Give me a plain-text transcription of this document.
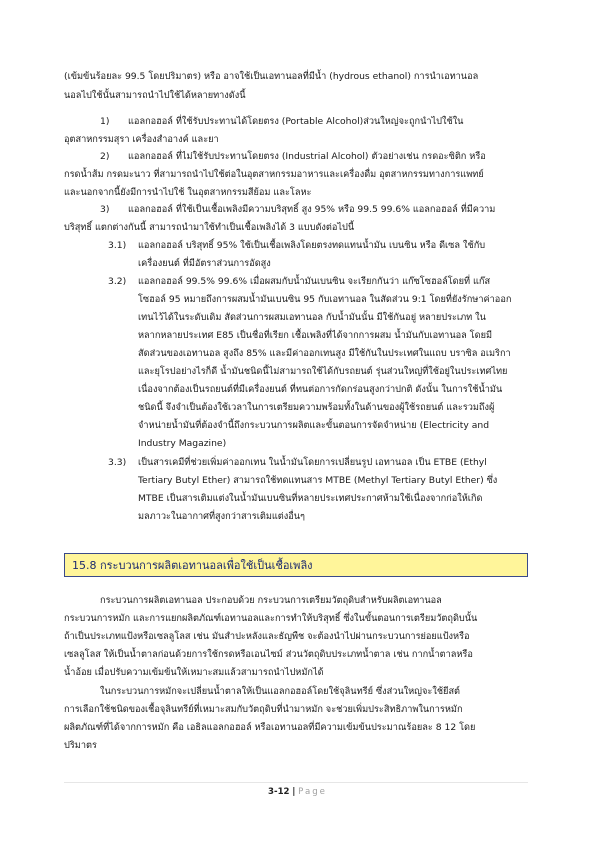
(เข้มข้นร้อยละ 99.5 โดยปริมาตร) หรือ อาจใช้เป็นเอทานอลที่มีน้ำ (hydrous ethanol) การนำเอทานอล
นอลไปใช้นั้นสามารถนำไปใช้ได้หลายทางดังนี้
1) แอลกอฮอล์ ที่ใช้รับประทานได้โดยตรง (Portable Alcohol)ส่วนใหญ่จะถูกนำไปใช้ใน
อุตสาหกรรมสุรา เครื่องสำอางค์ และยา
2) แอลกอฮอล์ ที่ไม่ใช้รับประทานโดยตรง (Industrial Alcohol) ตัวอย่างเช่น กรดอะซิติก หรือ
กรดน้ำส้ม กรดมะนาว ที่สามารถนำไปใช้ต่อในอุตสาหกรรมอาหารและเครื่องดื่ม อุตสาหกรรมทางการแพทย์
และนอกจากนี้ยังมีการนำไปใช้ ในอุตสาหกรรมสีย้อม และโลหะ
3) แอลกอฮอล์ ที่ใช้เป็นเชื้อเพลิงมีความบริสุทธิ์ สูง 95% หรือ 99.5 99.6% แอลกอฮอล์ ที่มีความ
บริสุทธิ์ แตกต่างกันนี้ สามารถนำมาใช้ทำเป็นเชื้อเพลิงได้ 3 แบบดังต่อไปนี้
3.1) แอลกอฮอล์ บริสุทธิ์ 95% ใช้เป็นเชื้อเพลิงโดยตรงทดแทนน้ำมัน เบนซิน หรือ ดีเซล ใช้กับ
เครื่องยนต์ ที่มีอัตราส่วนการอัดสูง
3.2) แอลกอฮอล์ 99.5% 99.6% เมื่อผสมกับน้ำมันเบนซิน จะเรียกกันว่า แก๊ซโซฮอล์โดยที่ แก๊ส
โซฮอล์ 95 หมายถึงการผสมน้ำมันเบนซิน 95 กับเอทานอล ในสัดส่วน 9:1 โดยที่ยังรักษาค่าออก
เทนไว้ได้ในระดับเดิม สัดส่วนการผสมเอทานอล กับน้ำมันนั้น มีใช้กันอยู่ หลายประเภท ใน
หลากหลายประเทศ E85 เป็นชื่อที่เรียก เชื้อเพลิงที่ได้จากการผสม น้ำมันกับเอทานอล โดยมี
สัดส่วนของเอทานอล สูงถึง 85% และมีค่าออกเทนสูง มีใช้กันในประเทศในแถบ บราซิล อเมริกา
และยุโรปอย่างไรก็ดี น้ำมันชนิดนี้ไม่สามารถใช้ได้กับรถยนต์ รุ่นส่วนใหญ่ที่ใช้อยู่ในประเทศไทย
เนื่องจากต้องเป็นรถยนต์ที่มีเครื่องยนต์ ที่ทนต่อการกัดกร่อนสูงกว่าปกติ ดังนั้น ในการใช้น้ำมัน
ชนิดนี้ จึงจำเป็นต้องใช้เวลาในการเตรียมความพร้อมทั้งในด้านของผู้ใช้รถยนต์ และรวมถึงผู้
จำหน่ายน้ำมันที่ต้องจำนี้ถึงกระบวนการผลิตและขั้นตอนการจัดจำหน่าย (Electricity and
Industry Magazine)
3.3) เป็นสารเคมีที่ช่วยเพิ่มค่าออกเทน ในน้ำมันโดยการเปลี่ยนรูป เอทานอล เป็น ETBE (Ethyl
Tertiary Butyl Ether) สามารถใช้ทดแทนสาร MTBE (Methyl Tertiary Butyl Ether) ซึ่ง
MTBE เป็นสารเติมแต่งในน้ำมันเบนซินที่หลายประเทศประกาศห้ามใช้เนื่องจากก่อให้เกิด
มลภาวะในอากาศที่สูงกว่าสารเติมแต่งอื่นๆ
15.8 กระบวนการผลิตเอทานอลเพื่อใช้เป็นเชื้อเพลิง
กระบวนการผลิตเอทานอล ประกอบด้วย กระบวนการเตรียมวัตถุดิบสำหรับผลิตเอทานอล
กระบวนการหมัก และการแยกผลิตภัณฑ์เอทานอลและการทำให้บริสุทธิ์ ซึ่งในขั้นตอนการเตรียมวัตถุดิบนั้น
ถ้าเป็นประเภทแป้งหรือเซลลูโลส เช่น มันสำปะหลังและธัญพืช จะต้องนำไปผ่านกระบวนการย่อยแป้งหรือ
เซลลูโลส ให้เป็นน้ำตาลก่อนด้วยการใช้กรดหรือเอนไซม์ ส่วนวัตถุดิบประเภทน้ำตาล เช่น กากน้ำตาลหรือ
น้ำอ้อย เมื่อปรับความเข้มข้นให้เหมาะสมแล้วสามารถนำไปหมักได้
ในกระบวนการหมักจะเปลี่ยนน้ำตาลให้เป็นแอลกอฮอล์โดยใช้จุลินทรีย์ ซึ่งส่วนใหญ่จะใช้ยีสต์
การเลือกใช้ชนิดของเชื้อจุลินทรีย์ที่เหมาะสมกับวัตถุดิบที่นำมาหมัก จะช่วยเพิ่มประสิทธิภาพในการหมัก
ผลิตภัณฑ์ที่ได้จากการหมัก คือ เอธิลแอลกอฮอล์ หรือเอทานอลที่มีความเข้มข้นประมาณร้อยละ 8 12 โดย
ปริมาตร
3-12 | Page
